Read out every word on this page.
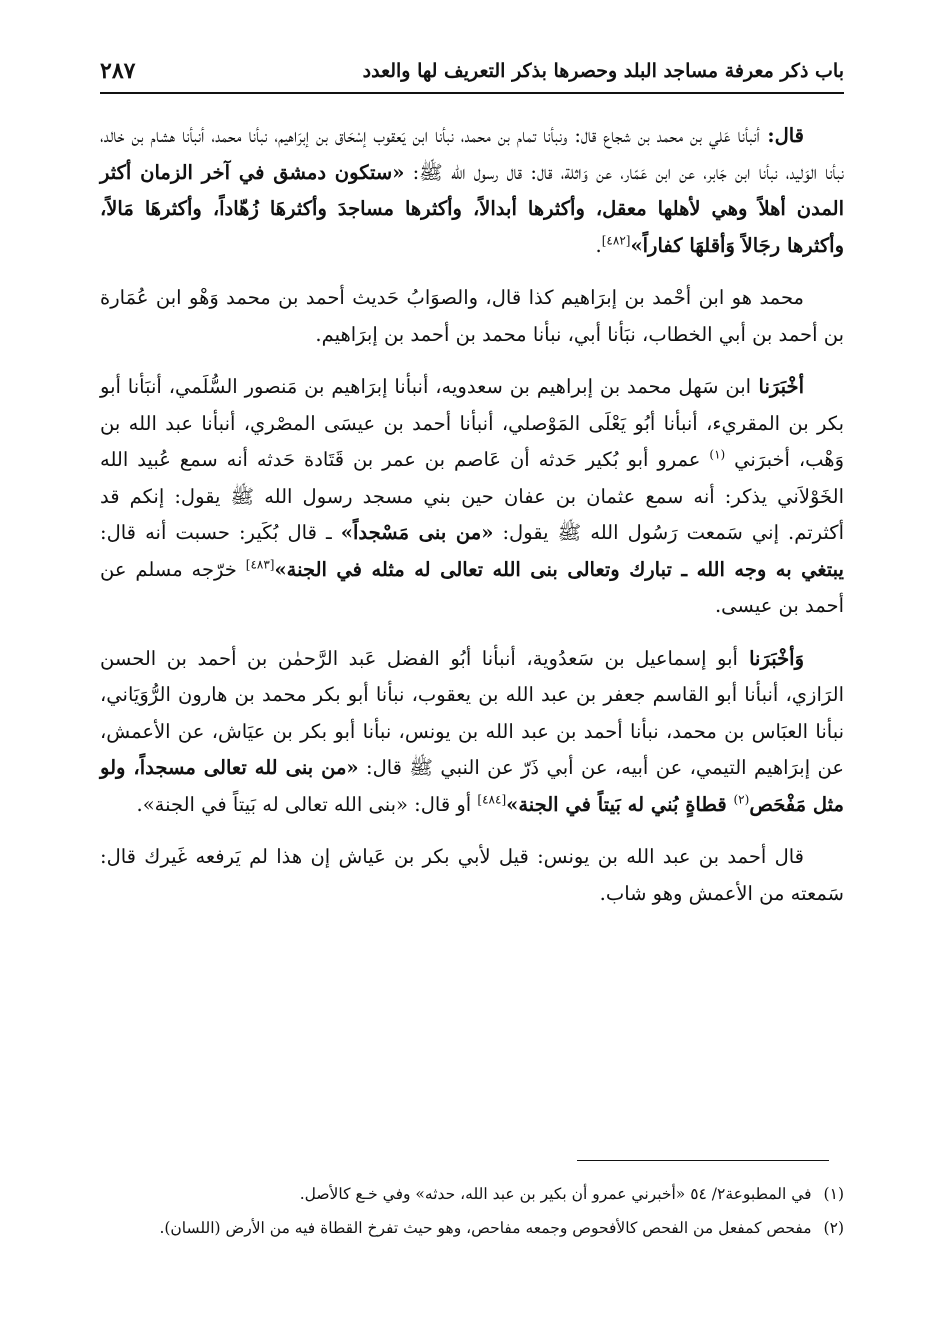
باب ذكر معرفة مساجد البلد وحصرها بذكر التعريف لها والعدد
٢٨٧

قال: أنبأنا عَلي بن محمد بن شجاع قال: ونبأنا تمام بن محمد، نبأنا ابن يَعقوب إسْحَاق بن إبرَاهيم، نبأنا محمد، أنبأنا هشام بن خالد، نبأنا الوَليد، نبأنا ابن جَابر، عن ابن عَمّار، عن وَاثلة، قال: قال رسول الله ﷺ: «ستكون دمشق في آخر الزمان أكثر المدن أهلاً وهي لأهلها معقل، وأكثرها أبدالاً، وأكثرها مساجدَ وأكثرهَا زُهّاداً، وأكثرهَا مَالاً، وأكثرها رجَالاً وَأقلهَا كفاراً»[٤٨٢].

محمد هو ابن أحْمد بن إبرَاهيم كذا قال، والصوَابُ حَديث أحمد بن محمد وَهْو ابن عُمَارة بن أحمد بن أبي الخطاب، نبَأنا أبي، نبأنا محمد بن أحمد بن إبرَاهيم.

أخْبَرَنا ابن سَهل محمد بن إبراهيم بن سعدويه، أنبأنا إبرَاهيم بن مَنصور السُّلَمي، أنبَأنا أبو بكر بن المقريء، أنبأنا أبُو يَعْلَى المَوْصلي، أنبأنا أحمد بن عيسَى المصْري، أنبأنا عبد الله بن وَهْب، أخبرَني $^{(١)}$ عمرو أبو بُكير حَدثه أن عَاصم بن عمر بن قَتَادة حَدثه أنه سمع عُبيد الله الخَوْلاَني يذكر: أنه سمع عثمان بن عفان حين بني مسجد رسول الله ﷺ يقول: إنكم قد أكثرتم. إني سَمعت رَسُول الله ﷺ يقول: «من بنى مَسْجداً» ـ قال بُكَير: حسبت أنه قال: يبتغي به وجه الله ـ تبارك وتعالى بنى الله تعالى له مثله في الجنة»[٤٨٣] خرّجه مسلم عن أحمد بن عيسى.

وَأخْبَرَنا أبو إسماعيل بن سَعدُوية، أنبأنا أبُو الفضل عَبد الرَّحمٰن بن أحمد بن الحسن الرَازي، أنبأنا أبو القاسم جعفر بن عبد الله بن يعقوب، نبأنا أبو بكر محمد بن هارون الرُّوَيَاني، نبأنا العبَاس بن محمد، نبأنا أحمد بن عبد الله بن يونس، نبأنا أبو بكر بن عيَاش، عن الأعمش، عن إبرَاهيم التيمي، عن أبيه، عن أبي ذَرّ عن النبي ﷺ قال: «من بنى لله تعالى مسجداً، ولو مثل مَفْحَص$^{(٢)}$ قطاةٍ بُني له بَيتاً في الجنة»[٤٨٤] أو قال: «بنى الله تعالى له بَيتاً في الجنة».

قال أحمد بن عبد الله بن يونس: قيل لأبي بكر بن عَياش إن هذا لم يَرفعه غَيرك قال: سَمعته من الأعمش وهو شاب.

(١)في المطبوعة٢/ ٥٤ «أخبرني عمرو أن بكير بن عبد الله، حدثه» وفي خـع كالأصل.
(٢)مفحص كمفعل من الفحص كالأفحوص وجمعه مفاحص، وهو حيث تفرخ القطاة فيه من الأرض (اللسان).
